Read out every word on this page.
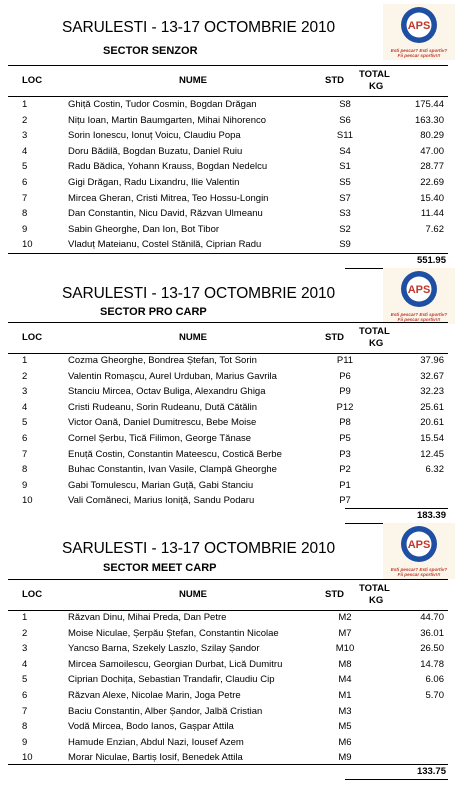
SARULESTI - 13-17 OCTOMBRIE 2010
SECTOR SENZOR
APS
Esti pescar? Esti sportiv?
Fii pescar sportiv!!!
LOC	NUME	STD
TOTAL
KG
1	Ghiță Costin, Tudor Cosmin, Bogdan Drăgan	S8	175.44
2	Nițu Ioan, Martin Baumgarten, Mihai Nihorenco	S6	163.30
3	Sorin Ionescu, Ionuț Voicu, Claudiu Popa	S11	80.29
4	Doru Bădilă, Bogdan Buzatu, Daniel Ruiu	S4	47.00
5	Radu Bădica, Yohann Krauss, Bogdan Nedelcu	S1	28.77
6	Gigi Drăgan, Radu Lixandru, Ilie Valentin	S5	22.69
7	Mircea Gheran, Cristi Mitrea, Teo Hossu-Longin	S7	15.40
8	Dan Constantin, Nicu David, Răzvan Ulmeanu	S3	11.44
9	Sabin Gheorghe, Dan Ion, Bot Tibor	S2	7.62
10	Vladuț Mateianu, Costel Stănilă, Ciprian Radu	S9
551.95
SARULESTI - 13-17 OCTOMBRIE 2010
SECTOR PRO CARP
APS
Esti pescar? Esti sportiv?
Fii pescar sportiv!!!
LOC	NUME	STD
TOTAL
KG
1	Cozma Gheorghe, Bondrea Ștefan, Tot Sorin	P11	37.96
2	Valentin Romașcu, Aurel Urduban, Marius Gavrila	P6	32.67
3	Stanciu Mircea, Octav Buliga, Alexandru Ghiga	P9	32.23
4	Cristi Rudeanu, Sorin Rudeanu, Dută Cătălin	P12	25.61
5	Victor Oană, Daniel Dumitrescu, Bebe Moise	P8	20.61
6	Cornel Șerbu, Tică Filimon, George Tănase	P5	15.54
7	Enuță Costin, Constantin Mateescu, Costică Berbe	P3	12.45
8	Buhac Constantin, Ivan Vasile, Clampă Gheorghe	P2	6.32
9	Gabi Tomulescu, Marian Guță, Gabi Stanciu	P1
10	Vali Comăneci, Marius Ioniță, Sandu Podaru	P7
183.39
SARULESTI - 13-17 OCTOMBRIE 2010
SECTOR MEET CARP
APS
Esti pescar? Esti sportiv?
Fii pescar sportiv!!!
LOC	NUME	STD
TOTAL
KG
1	Răzvan Dinu, Mihai Preda, Dan Petre	M2	44.70
2	Moise Niculae, Șerpău Ștefan, Constantin Nicolae	M7	36.01
3	Yancso Barna, Szekely Laszlo, Szilay Șandor	M10	26.50
4	Mircea Samoilescu, Georgian Durbat, Lică Dumitru	M8	14.78
5	Ciprian Dochița, Sebastian Trandafir, Claudiu Cip	M4	6.06
6	Răzvan Alexe, Nicolae Marin, Joga Petre	M1	5.70
7	Baciu Constantin, Alber Șandor, Jalbă Cristian	M3
8	Vodă Mircea, Bodo Ianos, Gașpar Attila	M5
9	Hamude Enzian, Abdul Nazi, Iousef Azem	M6
10	Morar Niculae, Bartiș Iosif, Benedek Attila	M9
133.75
